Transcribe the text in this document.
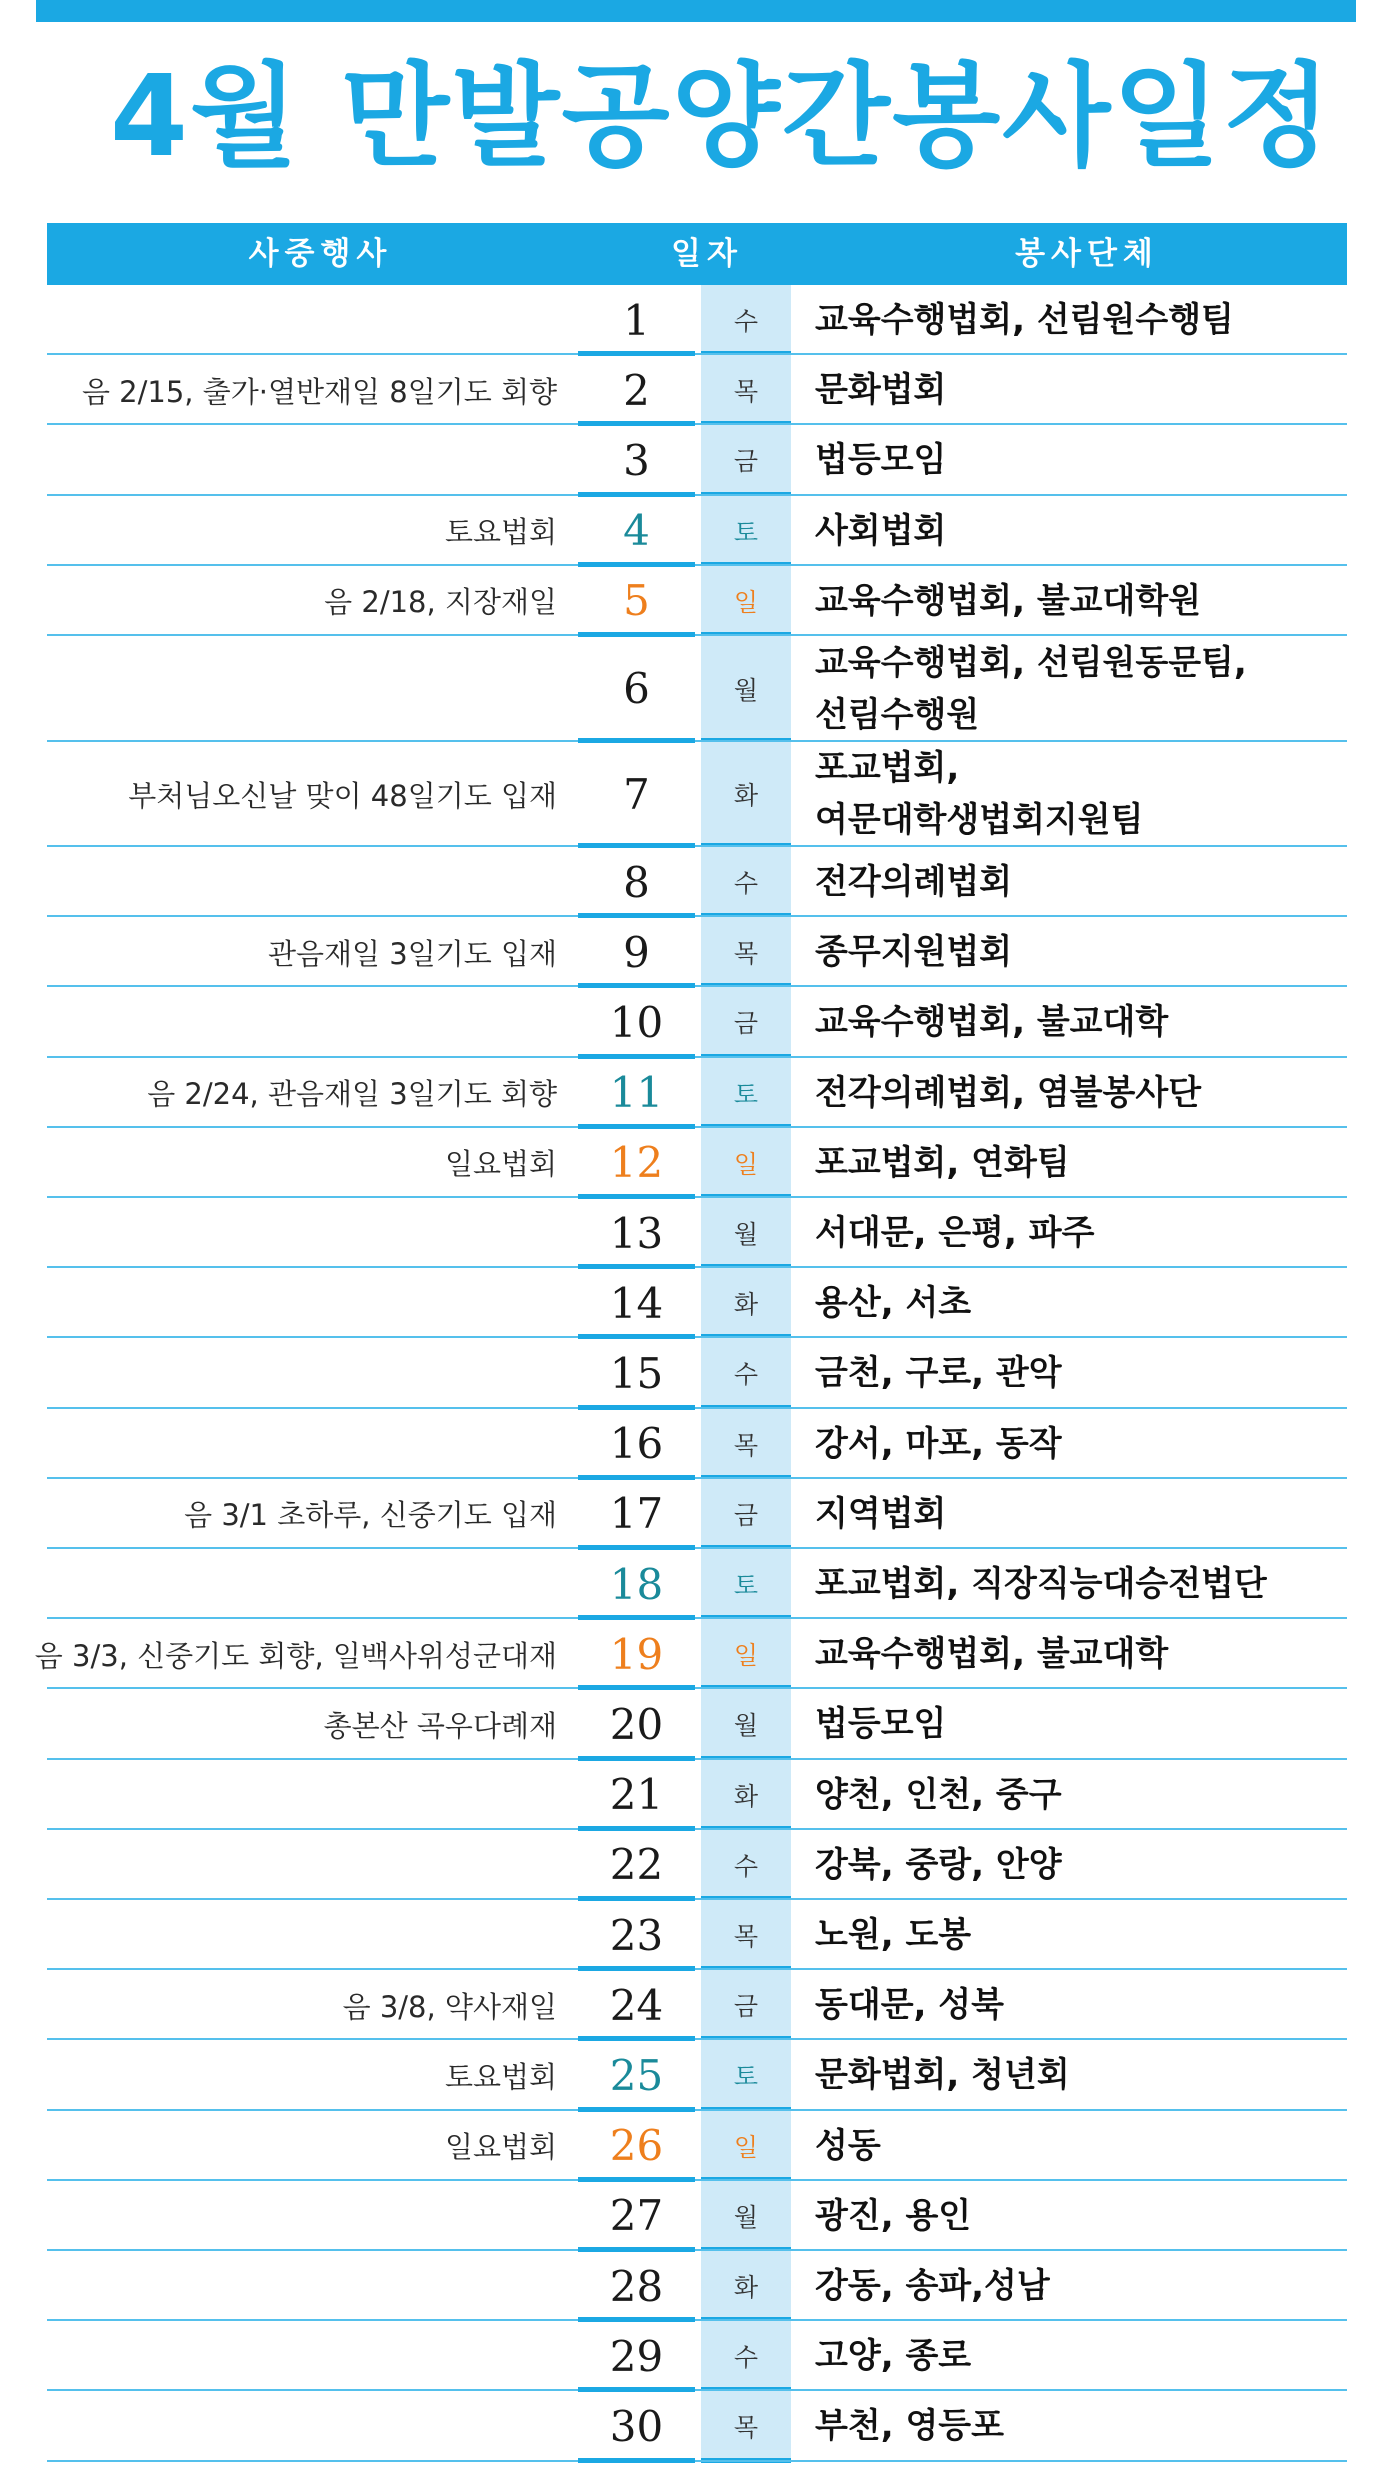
4월 만발공양간봉사일정
사중행사	일자	봉사단체
1	수	교육수행법회, 선림원수행팀
음 2/15, 출가·열반재일 8일기도 회향	2	목	문화법회
3	금	법등모임
토요법회	4	토	사회법회
음 2/18, 지장재일	5	일	교육수행법회, 불교대학원
6	월
교육수행법회, 선림원동문팀,
선림수행원
부처님오신날 맞이 48일기도 입재	7	화
포교법회,
여문대학생법회지원팀
8	수	전각의례법회
관음재일 3일기도 입재	9	목	종무지원법회
10	금	교육수행법회, 불교대학
음 2/24, 관음재일 3일기도 회향	11	토	전각의례법회, 염불봉사단
일요법회	12	일	포교법회, 연화팀
13	월	서대문, 은평, 파주
14	화	용산, 서초
15	수	금천, 구로, 관악
16	목	강서, 마포, 동작
음 3/1 초하루, 신중기도 입재	17	금	지역법회
18	토	포교법회, 직장직능대승전법단
음 3/3, 신중기도 회향, 일백사위성군대재	19	일	교육수행법회, 불교대학
총본산 곡우다례재	20	월	법등모임
21	화	양천, 인천, 중구
22	수	강북, 중랑, 안양
23	목	노원, 도봉
음 3/8, 약사재일	24	금	동대문, 성북
토요법회	25	토	문화법회, 청년회
일요법회	26	일	성동
27	월	광진, 용인
28	화	강동, 송파,성남
29	수	고양, 종로
30	목	부천, 영등포
